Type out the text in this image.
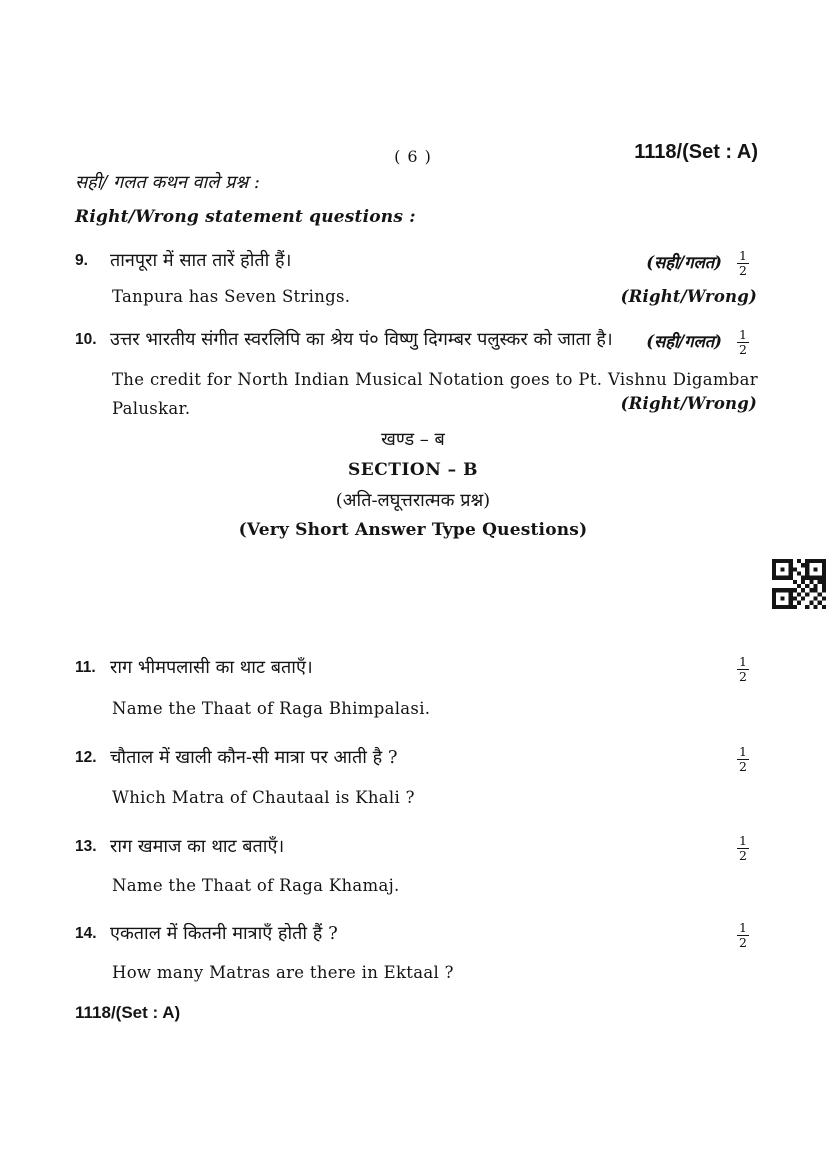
( 6 )	1118/(Set : A)
सही/ गलत कथन वाले प्रश्न :
Right/Wrong statement questions :
9. तानपूरा में सात तारें होती हैं।	(सही/गलत) $\frac{1}{2}$
Tanpura has Seven Strings.	(Right/Wrong)
10. उत्तर भारतीय संगीत स्वरलिपि का श्रेय पं० विष्णु दिगम्बर पलुस्कर को जाता है। (सही/गलत) $\frac{1}{2}$
The credit for North Indian Musical Notation goes to Pt. Vishnu Digambar Paluskar.	(Right/Wrong)
खण्ड – ब
SECTION – B
(अति-लघूत्तरात्मक प्रश्न)
(Very Short Answer Type Questions)
11. राग भीमपलासी का थाट बताएँ।	$\frac{1}{2}$
Name the Thaat of Raga Bhimpalasi.
12. चौताल में खाली कौन-सी मात्रा पर आती है ?	$\frac{1}{2}$
Which Matra of Chautaal is Khali ?
13. राग खमाज का थाट बताएँ।	$\frac{1}{2}$
Name the Thaat of Raga Khamaj.
14. एकताल में कितनी मात्राएँ होती हैं ?	$\frac{1}{2}$
How many Matras are there in Ektaal ?
1118/(Set : A)
